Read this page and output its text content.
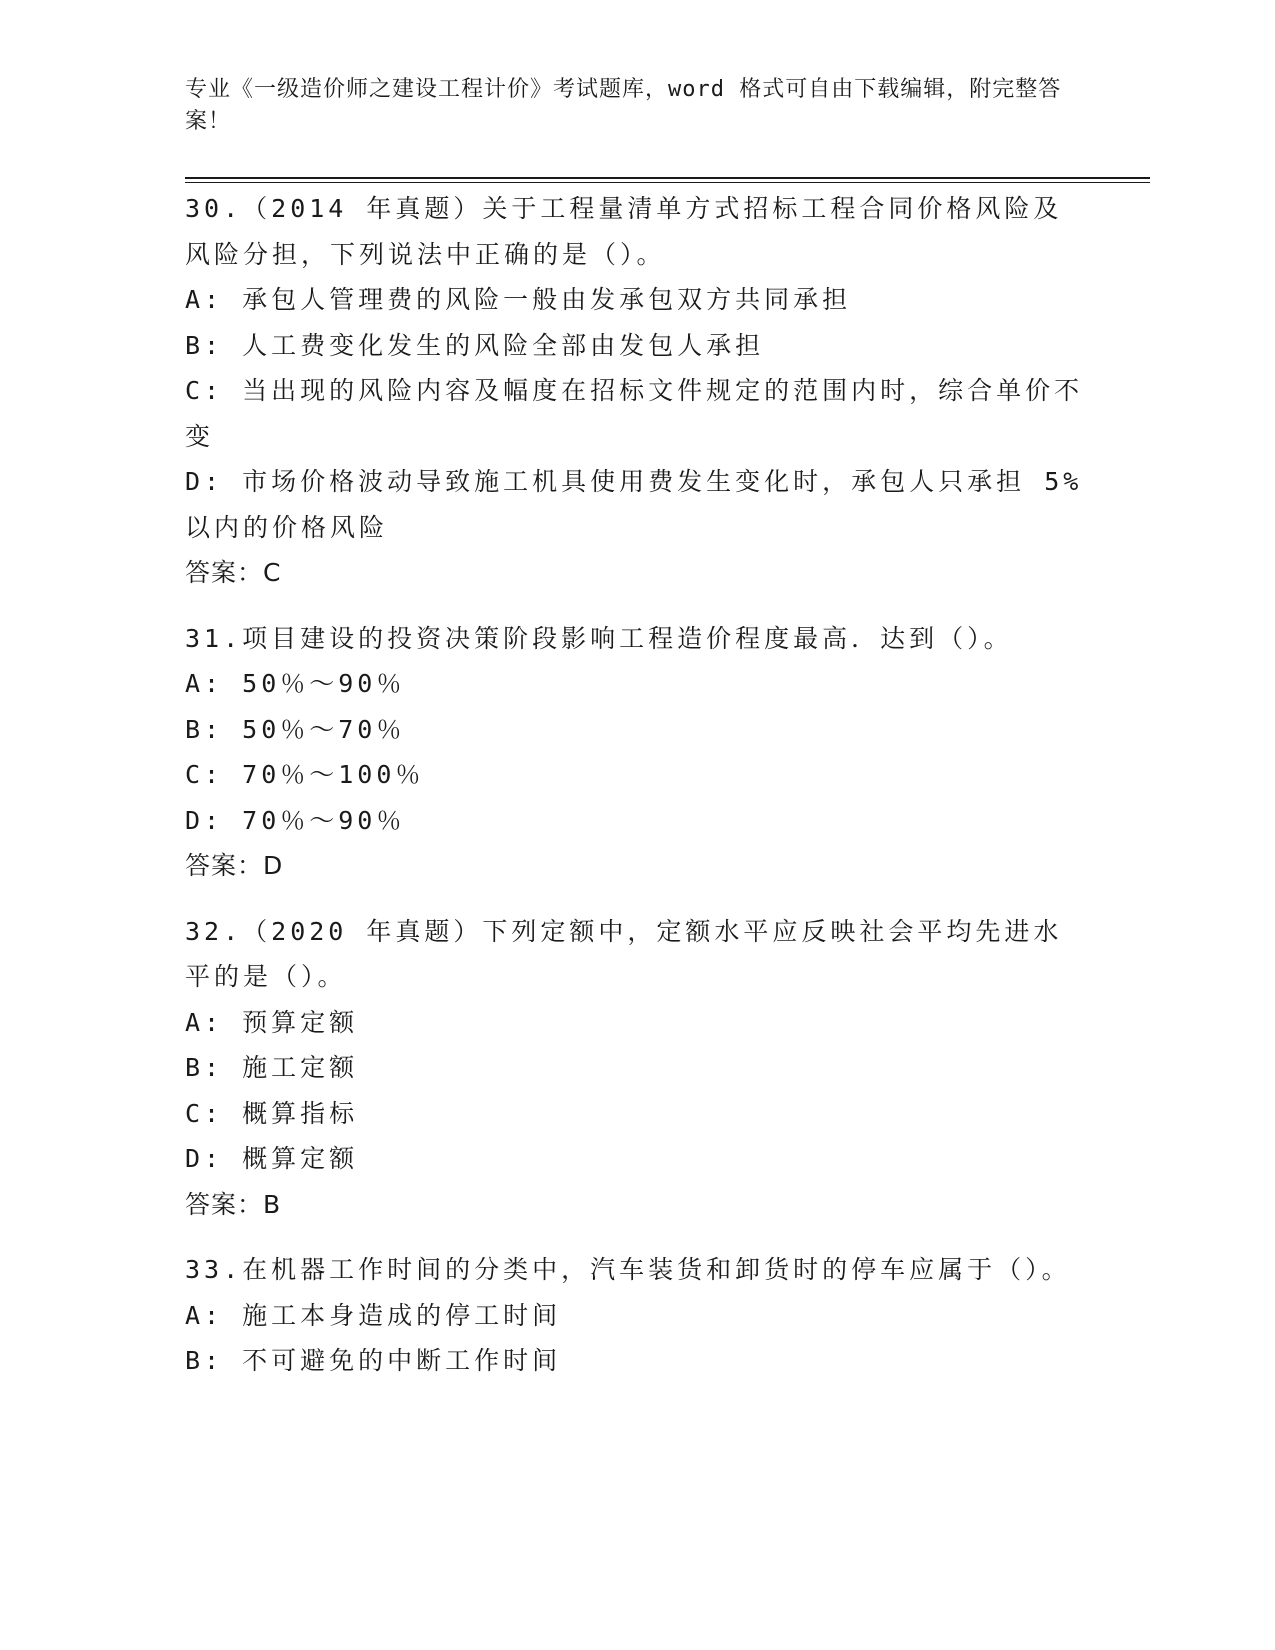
专业《一级造价师之建设工程计价》考试题库，word 格式可自由下载编辑，附完整答案！

30.（2014 年真题）关于工程量清单方式招标工程合同价格风险及风险分担，下列说法中正确的是（）。

A: 承包人管理费的风险一般由发承包双方共同承担

B: 人工费变化发生的风险全部由发包人承担

C: 当出现的风险内容及幅度在招标文件规定的范围内时，综合单价不变

D: 市场价格波动导致施工机具使用费发生变化时，承包人只承担 5%以内的价格风险

答案：C

31.项目建设的投资决策阶段影响工程造价程度最高．达到（）。

A: 50％～90％

B: 50％～70％

C: 70％～100％

D: 70％～90％

答案：D

32.（2020 年真题）下列定额中，定额水平应反映社会平均先进水平的是（）。

A: 预算定额

B: 施工定额

C: 概算指标

D: 概算定额

答案：B

33.在机器工作时间的分类中，汽车装货和卸货时的停车应属于（）。

A: 施工本身造成的停工时间

B: 不可避免的中断工作时间
